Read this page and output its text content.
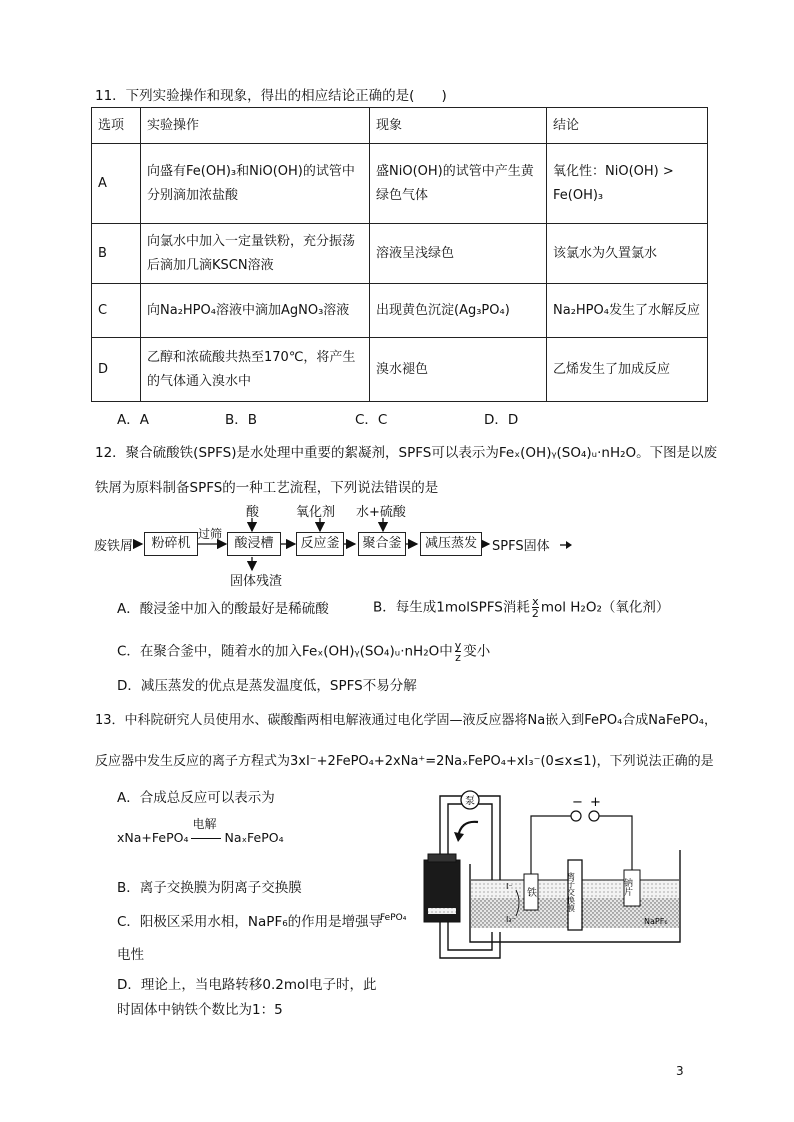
11．下列实验操作和现象，得出的相应结论正确的是(　　)
选项	实验操作	现象	结论
A	向盛有Fe(OH)₃和NiO(OH)的试管中分别滴加浓盐酸	盛NiO(OH)的试管中产生黄绿色气体	氧化性：NiO(OH) > Fe(OH)₃
B	向氯水中加入一定量铁粉，充分振荡后滴加几滴KSCN溶液	溶液呈浅绿色	该氯水为久置氯水
C	向Na₂HPO₄溶液中滴加AgNO₃溶液	出现黄色沉淀(Ag₃PO₄)	Na₂HPO₄发生了水解反应
D	乙醇和浓硫酸共热至170℃，将产生的气体通入溴水中	溴水褪色	乙烯发生了加成反应
A．A	B．B	C．C	D．D
12．聚合硫酸铁(SPFS)是水处理中重要的絮凝剂，SPFS可以表示为Feₓ(OH)ᵧ(SO₄)ᵤ·nH₂O。下图是以废
铁屑为原料制备SPFS的一种工艺流程，下列说法错误的是
废铁屑	粉碎机
过筛
酸浸槽	反应釜	聚合釜	减压蒸发	SPFS固体
酸	氧化剂 水+硫酸
固体残渣
A．酸浸釜中加入的酸最好是稀硫酸	B．每生成1molSPFS消耗 $\frac{x}{2}$ mol H₂O₂（氧化剂）
C．在聚合釜中，随着水的加入Feₓ(OH)ᵧ(SO₄)ᵤ·nH₂O中 $\frac{y}{z}$ 变小
D．减压蒸发的优点是蒸发温度低，SPFS不易分解
13．中科院研究人员使用水、碳酸酯两相电解液通过电化学固—液反应器将Na嵌入到FePO₄合成NaFePO₄，
反应器中发生反应的离子方程式为3xI⁻+2FePO₄+2xNa⁺=2NaₓFePO₄+xI₃⁻(0≤x≤1)，下列说法正确的是
A．合成总反应可以表示为
xNa+FePO₄
电解
NaₓFePO₄
B．离子交换膜为阴离子交换膜
C．阳极区采用水相，NaPF₆的作用是增强导
电性
D．理论上，当电路转移0.2mol电子时，此
时固体中钠铁个数比为1：5
泵
FePO₄
铁	离子交换膜	钠片
− +
I⁻
I₃⁻	NaPF₆
3
